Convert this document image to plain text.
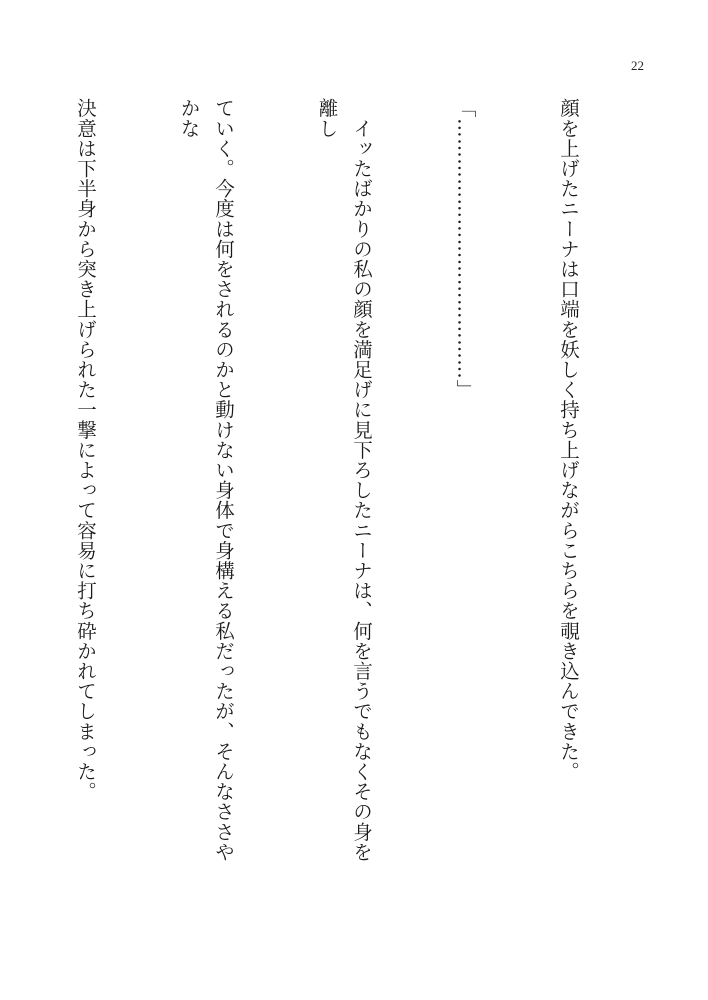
22

顔を上げたニーナは口端を妖しく持ち上げながらこちらを覗き込んできた。

「…………………………………」

　イッたばかりの私の顔を満足げに見下ろしたニーナは、何を言うでもなくその身を離し

ていく。今度は何をされるのかと動けない身体で身構える私だったが、そんなささやかな

決意は下半身から突き上げられた一撃によって容易に打ち砕かれてしまった。
